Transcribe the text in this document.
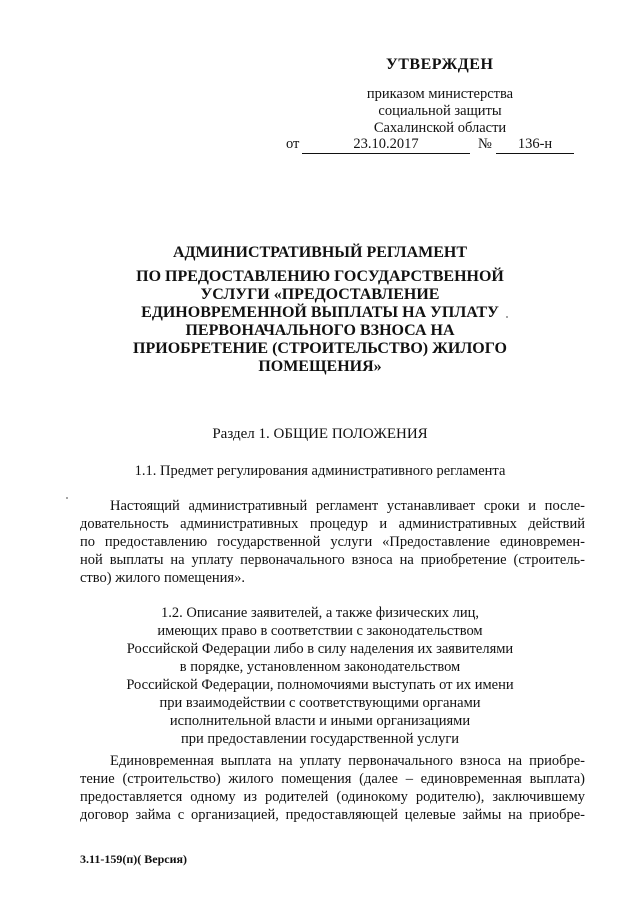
УТВЕРЖДЕН
приказом министерства
социальной защиты
Сахалинской области
от	23.10.2017	№	136-н
АДМИНИСТРАТИВНЫЙ РЕГЛАМЕНТ
ПО ПРЕДОСТАВЛЕНИЮ ГОСУДАРСТВЕННОЙ
УСЛУГИ «ПРЕДОСТАВЛЕНИЕ
ЕДИНОВРЕМЕННОЙ ВЫПЛАТЫ НА УПЛАТУ
ПЕРВОНАЧАЛЬНОГО ВЗНОСА НА
ПРИОБРЕТЕНИЕ (СТРОИТЕЛЬСТВО) ЖИЛОГО
ПОМЕЩЕНИЯ»
Раздел 1. ОБЩИЕ ПОЛОЖЕНИЯ
1.1. Предмет регулирования административного регламента
Настоящий административный регламент устанавливает сроки и после-
довательность административных процедур и административных действий
по предоставлению государственной услуги «Предоставление единовремен-
ной выплаты на уплату первоначального взноса на приобретение (строитель-
ство) жилого помещения».
1.2. Описание заявителей, а также физических лиц,
имеющих право в соответствии с законодательством
Российской Федерации либо в силу наделения их заявителями
в порядке, установленном законодательством
Российской Федерации, полномочиями выступать от их имени
при взаимодействии с соответствующими органами
исполнительной власти и иными организациями
при предоставлении государственной услуги
Единовременная выплата на уплату первоначального взноса на приобре-
тение (строительство) жилого помещения (далее – единовременная выплата)
предоставляется одному из родителей (одинокому родителю), заключившему
договор займа с организацией, предоставляющей целевые займы на приобре-
3.11-159(п)( Версия)
